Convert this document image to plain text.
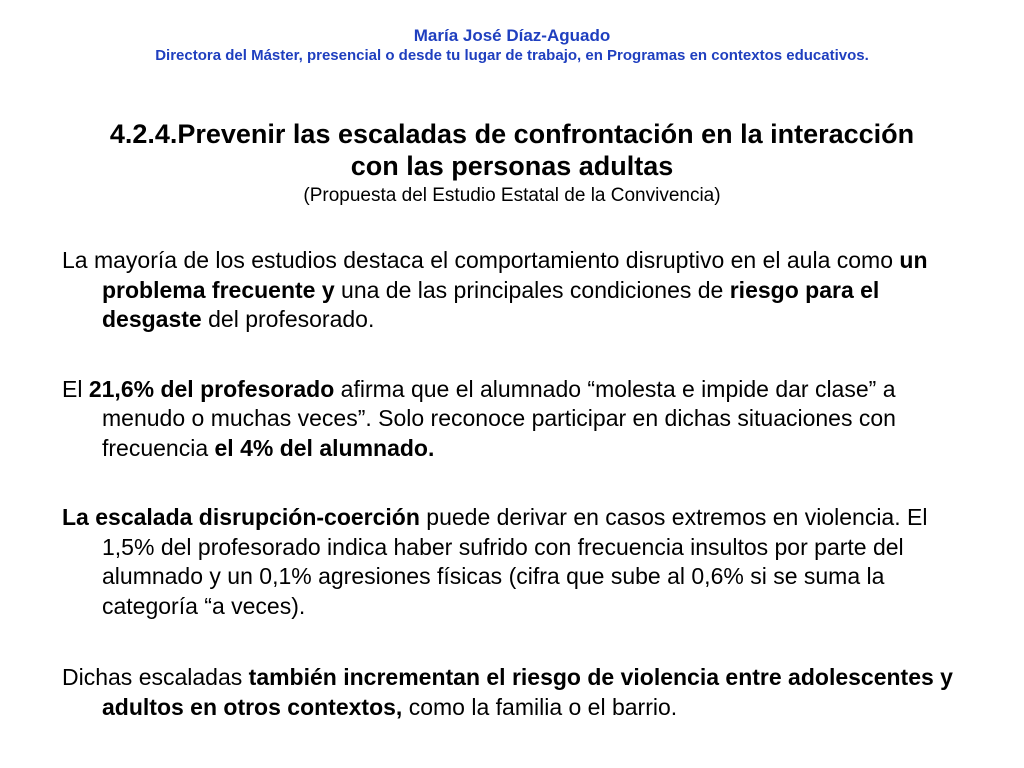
María José Díaz-Aguado
Directora del Máster, presencial o desde tu lugar de trabajo, en Programas en contextos educativos.

4.2.4.Prevenir las escaladas de confrontación en la interacción
con las personas adultas

(Propuesta del Estudio Estatal de la Convivencia)

La mayoría de los estudios destaca el comportamiento disruptivo en el aula como un problema frecuente y una de las principales condiciones de riesgo para el desgaste del profesorado.

El 21,6% del profesorado afirma que el alumnado “molesta e impide dar clase” a menudo o muchas veces”. Solo reconoce participar en dichas situaciones con frecuencia el 4% del alumnado.

La escalada disrupción-coerción puede derivar en casos extremos en violencia. El 1,5% del profesorado indica haber sufrido con frecuencia insultos por parte del alumnado y un 0,1% agresiones físicas (cifra que sube al 0,6% si se suma la categoría “a veces).

Dichas escaladas también incrementan el riesgo de violencia entre adolescentes y adultos en otros contextos, como la familia o el barrio.
